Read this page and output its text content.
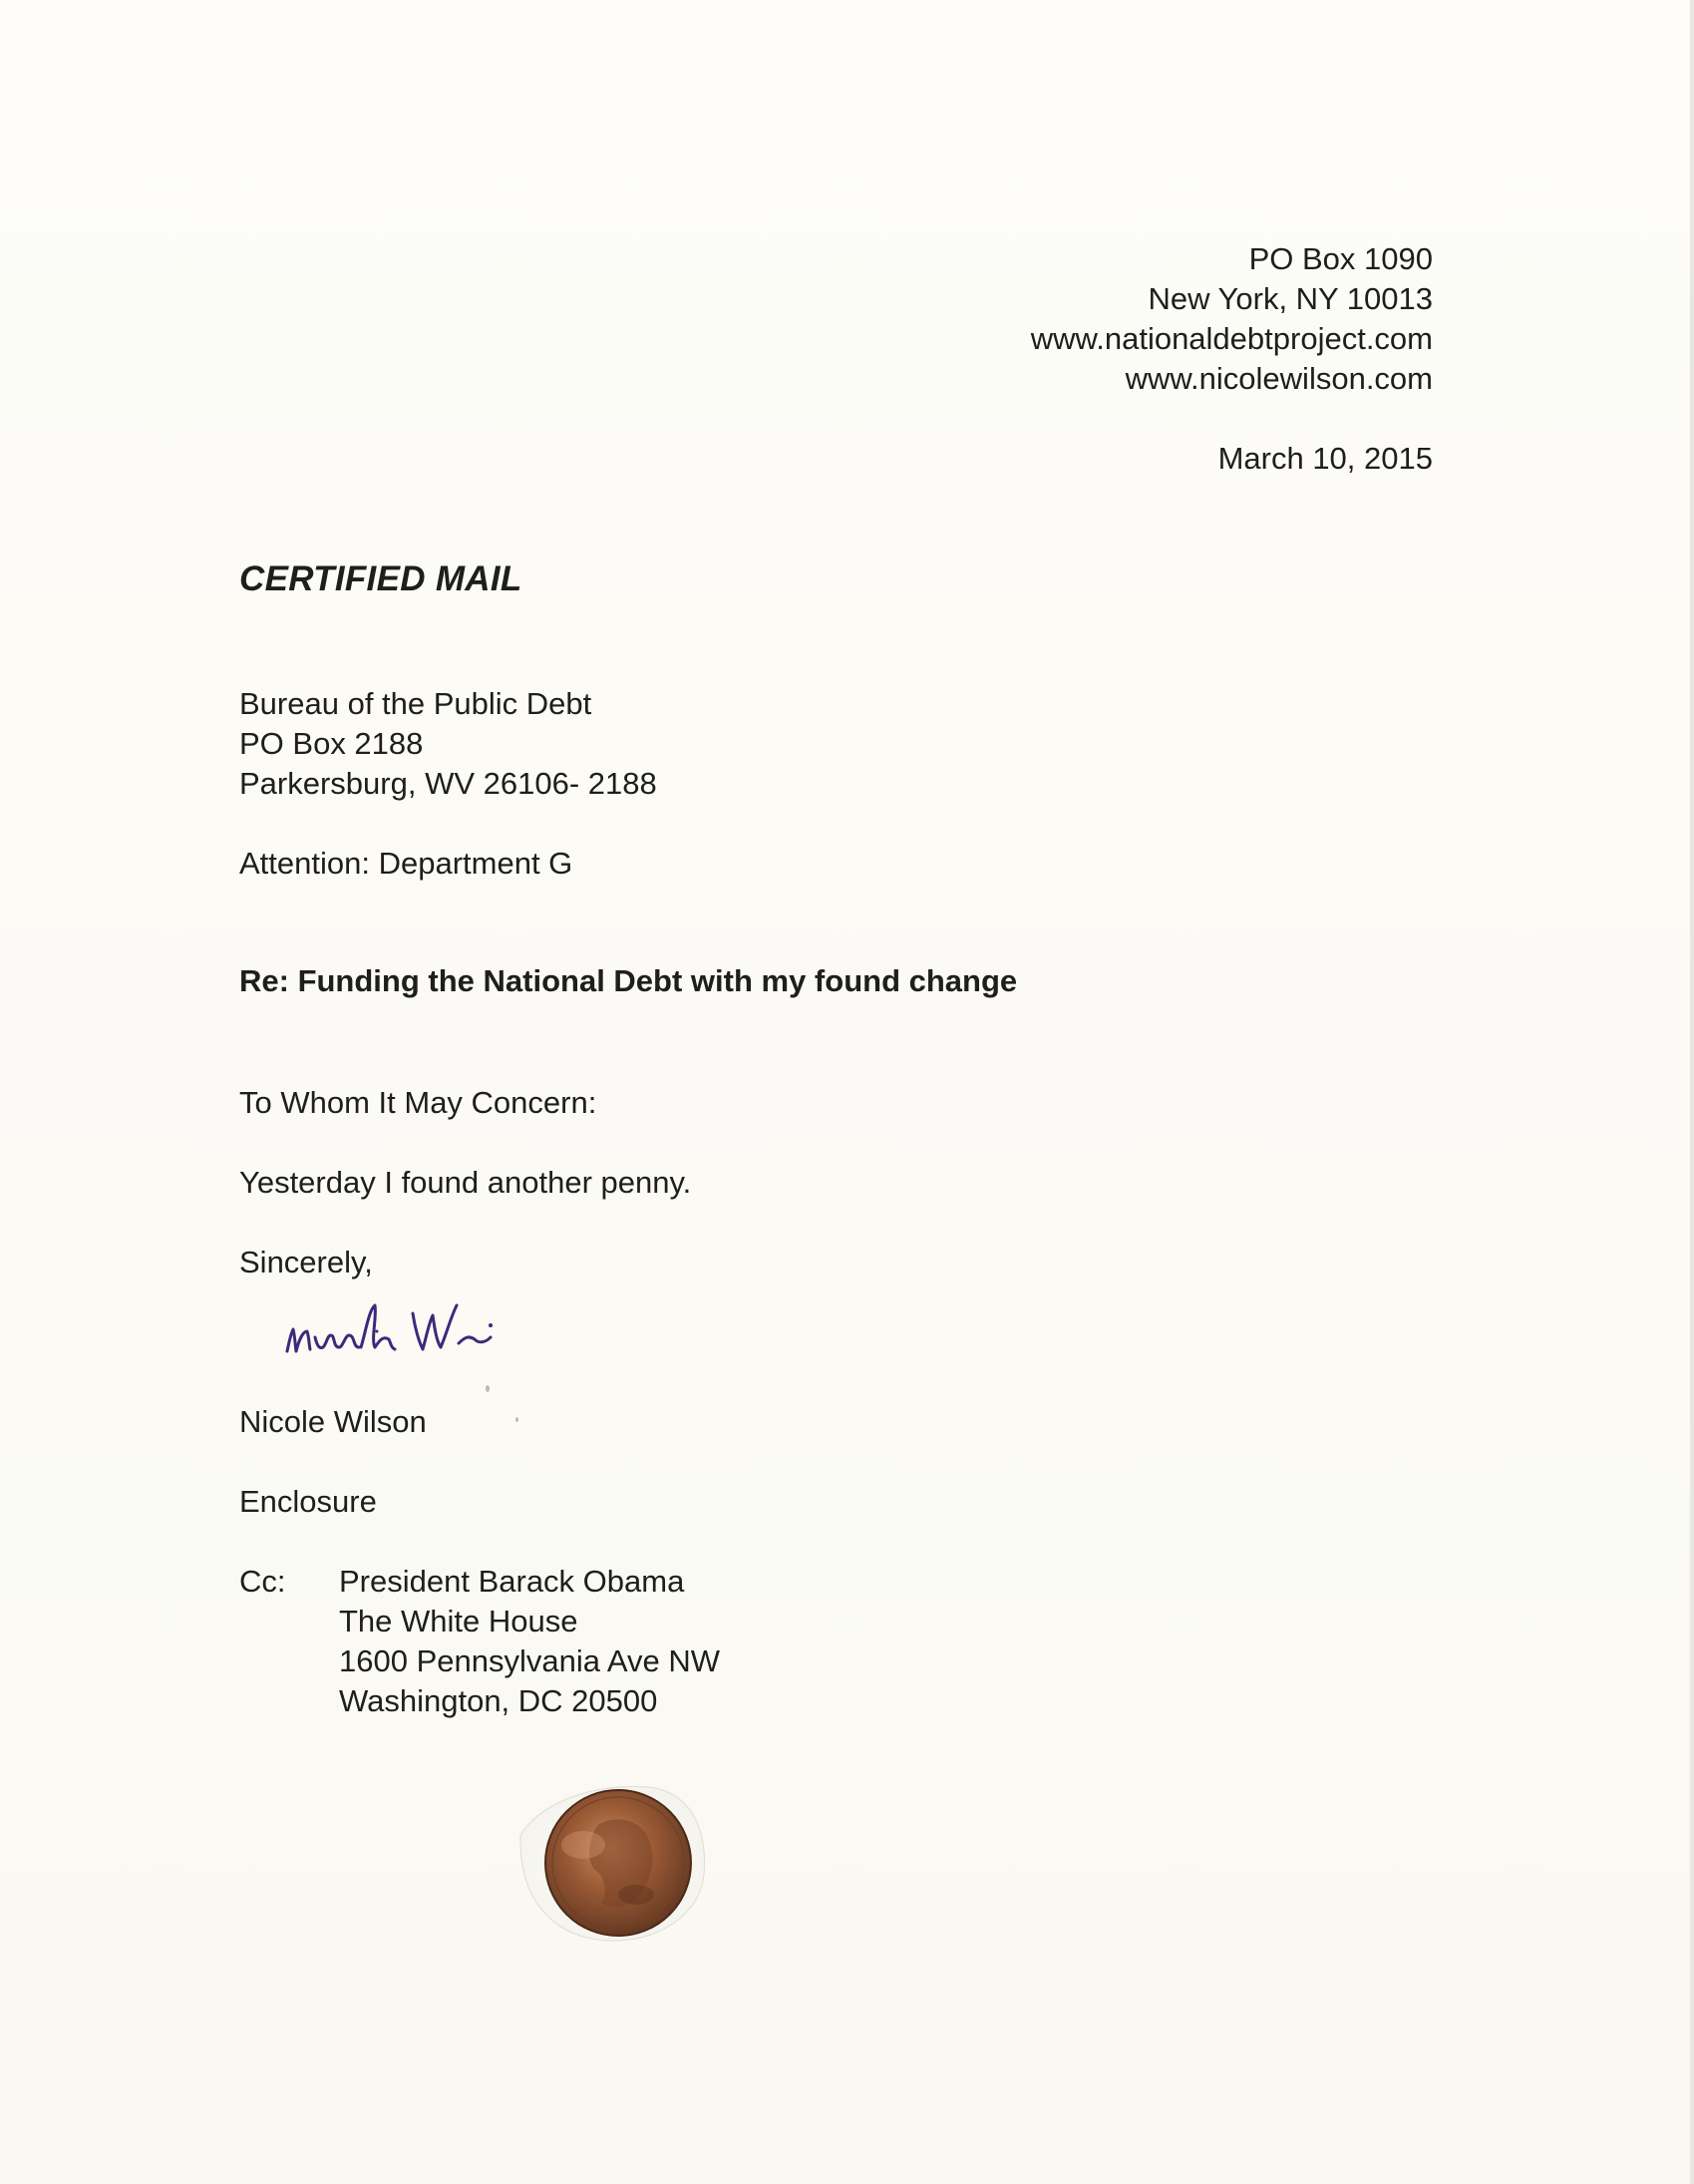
PO Box 1090
New York, NY 10013
www.nationaldebtproject.com
www.nicolewilson.com
March 10, 2015
CERTIFIED MAIL
Bureau of the Public Debt
PO Box 2188
Parkersburg, WV 26106- 2188
Attention: Department G
Re: Funding the National Debt with my found change
To Whom It May Concern:
Yesterday I found another penny.
Sincerely,
Nicole Wilson
Enclosure
Cc: President Barack Obama
The White House
1600 Pennsylvania Ave NW
Washington, DC 20500
